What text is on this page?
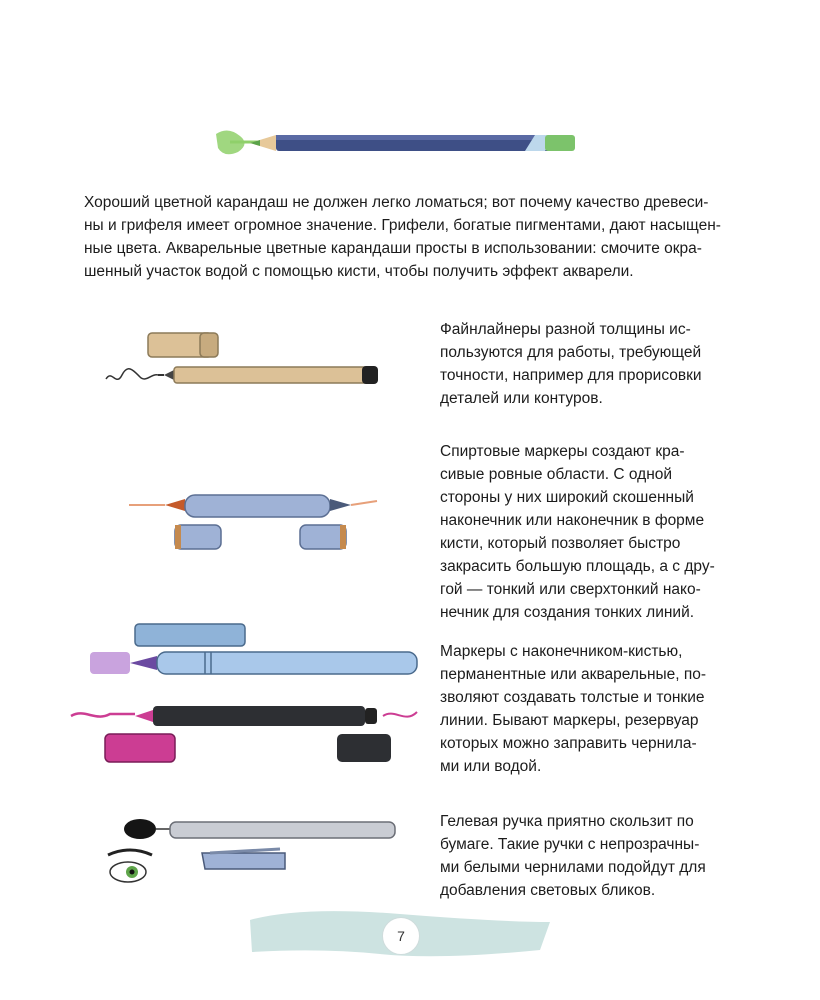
Хороший цветной карандаш не должен легко ломаться; вот почему качество древеси-
ны и грифеля имеет огромное значение. Грифели, богатые пигментами, дают насыщен-
ные цвета. Акварельные цветные карандаши просты в использовании: смочите окра-
шенный участок водой с помощью кисти, чтобы получить эффект акварели.
Файнлайнеры разной толщины ис-
пользуются для работы, требующей
точности, например для прорисовки
деталей или контуров.
Спиртовые маркеры создают кра-
сивые ровные области. С одной
стороны у них широкий скошенный
наконечник или наконечник в форме
кисти, который позволяет быстро
закрасить большую площадь, а с дру-
гой — тонкий или сверхтонкий нако-
нечник для создания тонких линий.
Маркеры с наконечником-кистью,
перманентные или акварельные, по-
зволяют создавать толстые и тонкие
линии. Бывают маркеры, резервуар
которых можно заправить чернила-
ми или водой.
Гелевая ручка приятно скользит по
бумаге. Такие ручки с непрозрачны-
ми белыми чернилами подойдут для
добавления световых бликов.
7
